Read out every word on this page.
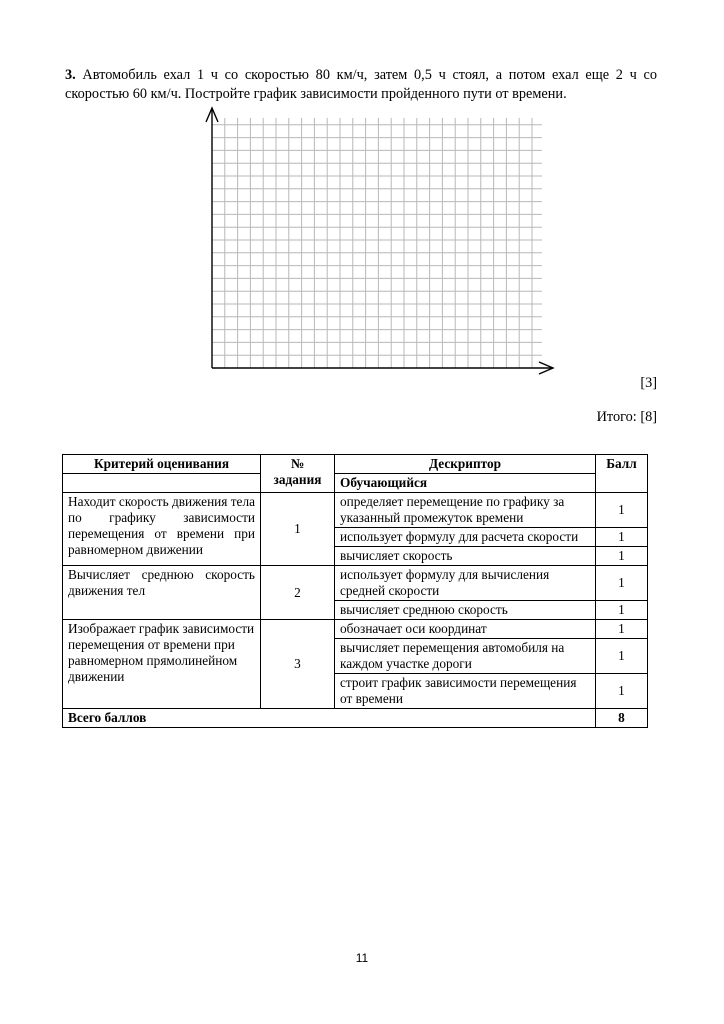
3. Автомобиль ехал 1 ч со скоростью 80 км/ч, затем 0,5 ч стоял, а потом ехал еще 2 ч со скоростью 60 км/ч. Постройте график зависимости пройденного пути от времени.
[3]
Итого: [8]
Критерий оценивания	№ задания	Дескриптор	Балл
		Обучающийся	
Находит скорость движения тела по графику зависимости перемещения от времени при равномерном движении	1	определяет перемещение по графику за указанный промежуток времени	1
		использует формулу для расчета скорости	1
		вычисляет скорость	1
Вычисляет среднюю скорость движения тел	2	использует формулу для вычисления средней скорости	1
		вычисляет среднюю скорость	1
Изображает график зависимости перемещения от времени при равномерном прямолинейном движении	3	обозначает оси координат	1
		вычисляет перемещения автомобиля на каждом участке дороги	1
		строит график зависимости перемещения от времени	1
Всего баллов			8
11
